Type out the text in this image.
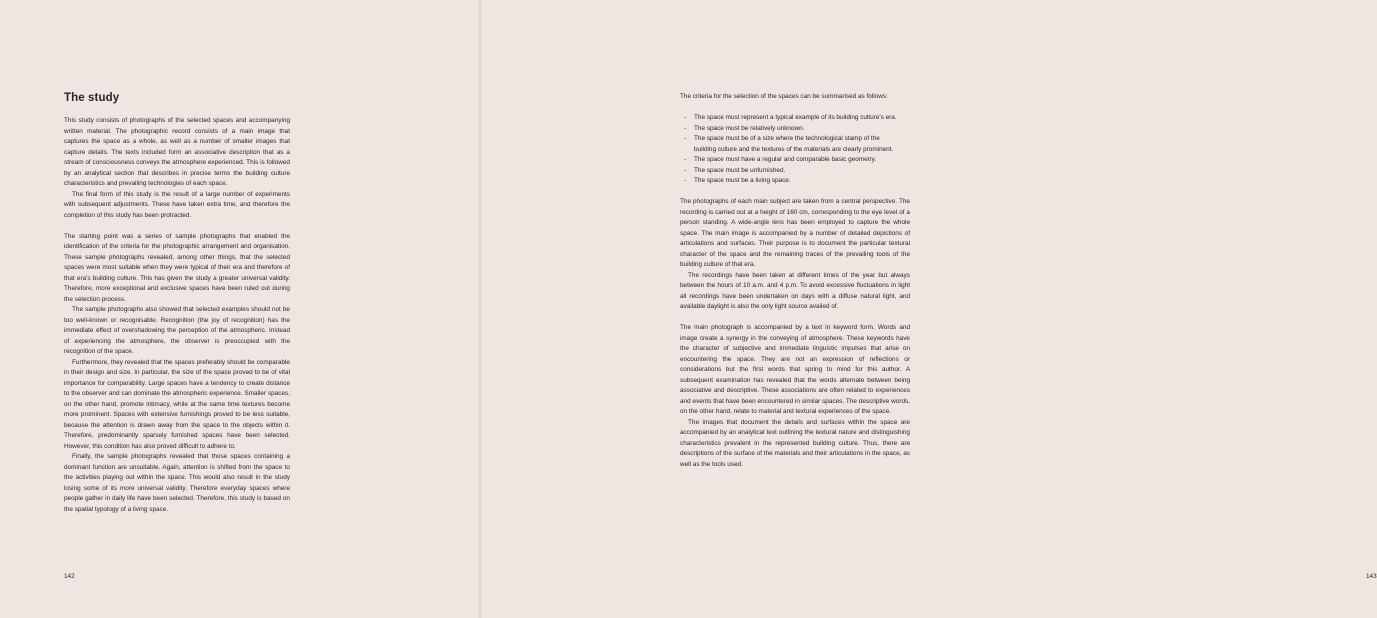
The study

This study consists of photographs of the selected spaces and accompanying written material. The photographic record consists of a main image that captures the space as a whole, as well as a number of smaller images that capture details. The texts included form an associative description that as a stream of consciousness conveys the atmosphere experienced. This is followed by an analytical section that describes in precise terms the building culture characteristics and prevailing technologies of each space.

The final form of this study is the result of a large number of experiments with subsequent adjustments. These have taken extra time, and therefore the completion of this study has been protracted.

The starting point was a series of sample photographs that enabled the identification of the criteria for the photographic arrangement and organisation. These sample photographs revealed, among other things, that the selected spaces were most suitable when they were typical of their era and therefore of that era's building culture. This has given the study a greater universal validity. Therefore, more exceptional and exclusive spaces have been ruled out during the selection process.

The sample photographs also showed that selected examples should not be too well-known or recognisable. Recognition (the joy of recognition) has the immediate effect of overshadowing the perception of the atmospheric. Instead of experiencing the atmosphere, the observer is preoccupied with the recognition of the space.

Furthermore, they revealed that the spaces preferably should be comparable in their design and size. In particular, the size of the space proved to be of vital importance for comparability. Large spaces have a tendency to create distance to the observer and can dominate the atmospheric experience. Smaller spaces, on the other hand, promote intimacy, while at the same time textures become more prominent. Spaces with extensive furnishings proved to be less suitable, because the attention is drawn away from the space to the objects within it. Therefore, predominantly sparsely furnished spaces have been selected. However, this condition has also proved difficult to adhere to.

Finally, the sample photographs revealed that those spaces containing a dominant function are unsuitable. Again, attention is shifted from the space to the activities playing out within the space. This would also result in the study losing some of its more universal validity. Therefore everyday spaces where people gather in daily life have been selected. Therefore, this study is based on the spatial typology of a living space.

142	143

The criteria for the selection of the spaces can be summarised as follows:

- The space must represent a typical example of its building culture's era.
- The space must be relatively unknown.
- The space must be of a size where the technological stamp of the building culture and the textures of the materials are clearly prominent.
- The space must have a regular and comparable basic geometry.
- The space must be unfurnished.
- The space must be a living space.

The photographs of each main subject are taken from a central perspective. The recording is carried out at a height of 160 cm, corresponding to the eye level of a person standing. A wide-angle lens has been employed to capture the whole space. The main image is accompanied by a number of detailed depictions of articulations and surfaces. Their purpose is to document the particular textural character of the space and the remaining traces of the prevailing tools of the building culture of that era.

The recordings have been taken at different times of the year but always between the hours of 10 a.m. and 4 p.m. To avoid excessive fluctuations in light all recordings have been undertaken on days with a diffuse natural light, and available daylight is also the only light source availed of.

The main photograph is accompanied by a text in keyword form. Words and image create a synergy in the conveying of atmosphere. These keywords have the character of subjective and immediate linguistic impulses that arise on encountering the space. They are not an expression of reflections or considerations but the first words that spring to mind for this author. A subsequent examination has revealed that the words alternate between being associative and descriptive. These associations are often related to experiences and events that have been encountered in similar spaces. The descriptive words, on the other hand, relate to material and textural experiences of the space.

The images that document the details and surfaces within the space are accompanied by an analytical text outlining the textural nature and distinguishing characteristics prevalent in the represented building culture. Thus, there are descriptions of the surface of the materials and their articulations in the space, as well as the tools used.
